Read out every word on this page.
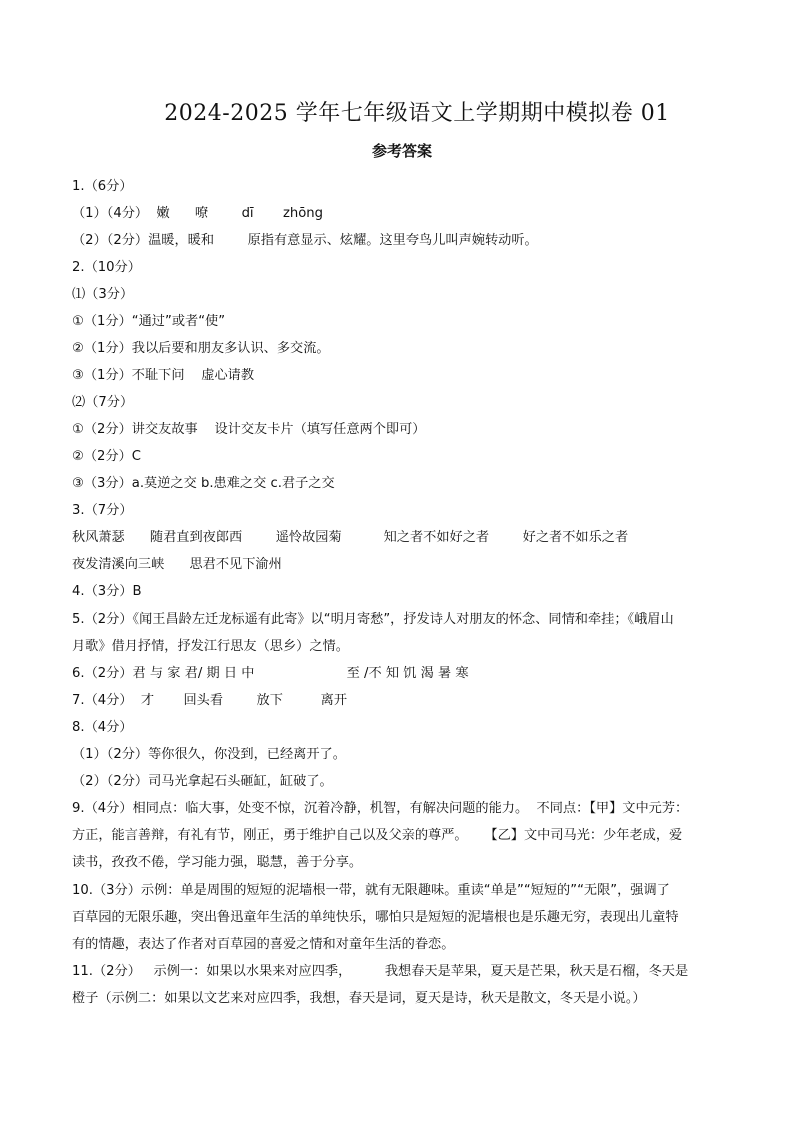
2024-2025 学年七年级语文上学期期中模拟卷 01
参考答案
1.（6分）
（1）（4分）  嫩      嘹        dī       zhōng
（2）（2分）温暖，暖和        原指有意显示、炫耀。这里夸鸟儿叫声婉转动听。
2.（10分）
⑴（3分）
①（1分）“通过”或者“使”
②（1分）我以后要和朋友多认识、多交流。
③（1分）不耻下问    虚心请教
⑵（7分）
①（2分）讲交友故事    设计交友卡片（填写任意两个即可）
②（2分）C
③（3分）a.莫逆之交 b.患难之交 c.君子之交
3.（7分）
秋风萧瑟      随君直到夜郎西        遥怜故园菊          知之者不如好之者        好之者不如乐之者
夜发清溪向三峡      思君不见下渝州
4.（3分）B
5.（2分）《闻王昌龄左迁龙标遥有此寄》以“明月寄愁”，抒发诗人对朋友的怀念、同情和牵挂；《峨眉山
月歌》借月抒情，抒发江行思友（思乡）之情。
6.（2分）君 与 家 君/ 期 日 中                      至 /不 知 饥 渴 暑 寒
7.（4分）  才       回头看        放下         离开
8.（4分）
（1）（2分）等你很久，你没到，已经离开了。
（2）（2分）司马光拿起石头砸缸，缸破了。
9.（4分）相同点：临大事，处变不惊，沉着冷静，机智，有解决问题的能力。  不同点：【甲】文中元芳：
方正，能言善辩，有礼有节，刚正，勇于维护自己以及父亲的尊严。    【乙】文中司马光：少年老成，爱
读书，孜孜不倦，学习能力强，聪慧，善于分享。
10.（3分）示例：单是周围的短短的泥墙根一带，就有无限趣味。重读“单是”“短短的”“无限”，强调了
百草园的无限乐趣，突出鲁迅童年生活的单纯快乐，哪怕只是短短的泥墙根也是乐趣无穷，表现出儿童特
有的情趣，表达了作者对百草园的喜爱之情和对童年生活的眷恋。
11.（2分）   示例一：如果以水果来对应四季，        我想春天是苹果，夏天是芒果，秋天是石榴，冬天是
橙子（示例二：如果以文艺来对应四季，我想，春天是词，夏天是诗，秋天是散文，冬天是小说。）
